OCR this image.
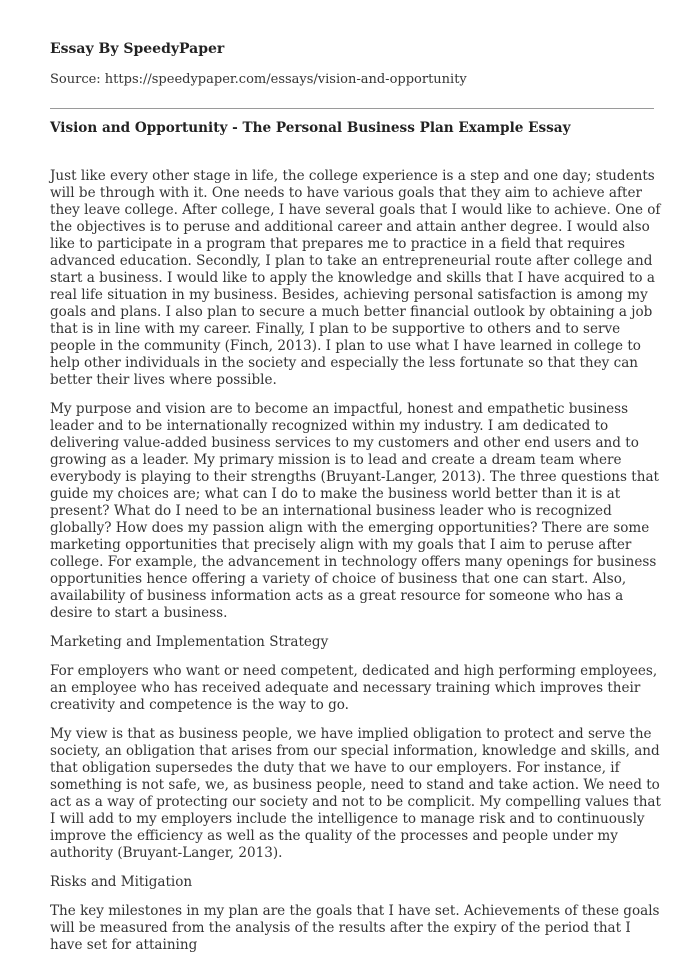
Essay By SpeedyPaper
Source: https://speedypaper.com/essays/vision-and-opportunity
Vision and Opportunity - The Personal Business Plan Example Essay

Just like every other stage in life, the college experience is a step and one day; students will be through with it. One needs to have various goals that they aim to achieve after they leave college. After college, I have several goals that I would like to achieve. One of the objectives is to peruse and additional career and attain anther degree. I would also like to participate in a program that prepares me to practice in a field that requires advanced education. Secondly, I plan to take an entrepreneurial route after college and start a business. I would like to apply the knowledge and skills that I have acquired to a real life situation in my business. Besides, achieving personal satisfaction is among my goals and plans. I also plan to secure a much better financial outlook by obtaining a job that is in line with my career. Finally, I plan to be supportive to others and to serve people in the community (Finch, 2013). I plan to use what I have learned in college to help other individuals in the society and especially the less fortunate so that they can better their lives where possible.

My purpose and vision are to become an impactful, honest and empathetic business leader and to be internationally recognized within my industry. I am dedicated to delivering value-added business services to my customers and other end users and to growing as a leader. My primary mission is to lead and create a dream team where everybody is playing to their strengths (Bruyant-Langer, 2013). The three questions that guide my choices are; what can I do to make the business world better than it is at present? What do I need to be an international business leader who is recognized globally? How does my passion align with the emerging opportunities? There are some marketing opportunities that precisely align with my goals that I aim to peruse after college. For example, the advancement in technology offers many openings for business opportunities hence offering a variety of choice of business that one can start. Also, availability of business information acts as a great resource for someone who has a desire to start a business.

Marketing and Implementation Strategy

For employers who want or need competent, dedicated and high performing employees, an employee who has received adequate and necessary training which improves their creativity and competence is the way to go.

My view is that as business people, we have implied obligation to protect and serve the society, an obligation that arises from our special information, knowledge and skills, and that obligation supersedes the duty that we have to our employers. For instance, if something is not safe, we, as business people, need to stand and take action. We need to act as a way of protecting our society and not to be complicit. My compelling values that I will add to my employers include the intelligence to manage risk and to continuously improve the efficiency as well as the quality of the processes and people under my authority (Bruyant-Langer, 2013).

Risks and Mitigation

The key milestones in my plan are the goals that I have set. Achievements of these goals will be measured from the analysis of the results after the expiry of the period that I have set for attaining
